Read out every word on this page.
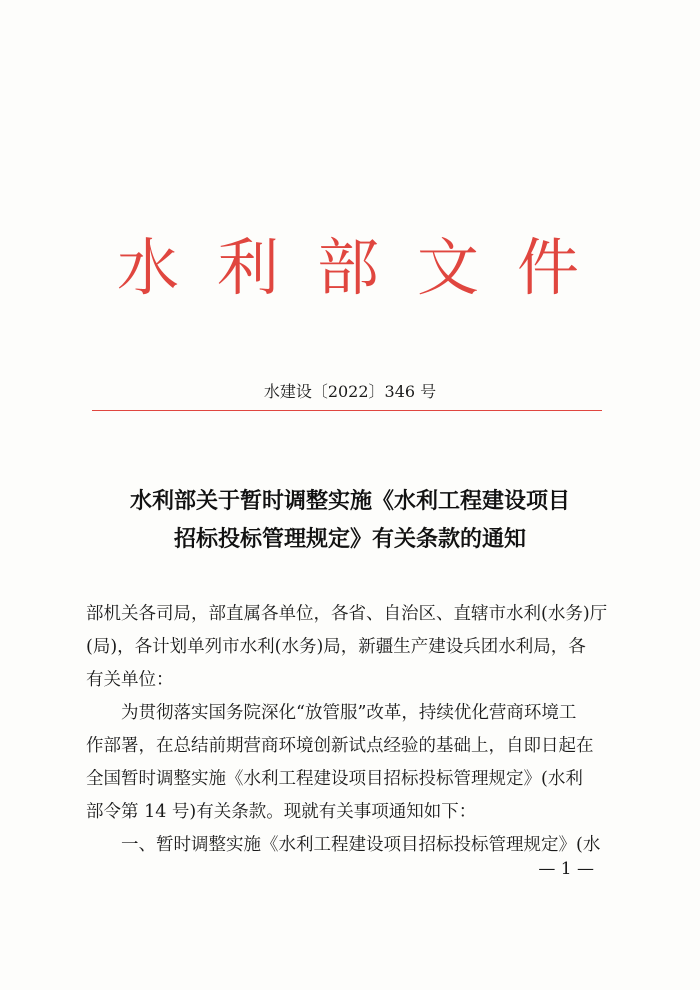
水 利 部 文 件
水建设〔2022〕346 号
水利部关于暂时调整实施《水利工程建设项目
招标投标管理规定》有关条款的通知
部机关各司局，部直属各单位，各省、自治区、直辖市水利(水务)厅
(局)，各计划单列市水利(水务)局，新疆生产建设兵团水利局，各
有关单位：
为贯彻落实国务院深化“放管服”改革，持续优化营商环境工
作部署，在总结前期营商环境创新试点经验的基础上，自即日起在
全国暂时调整实施《水利工程建设项目招标投标管理规定》(水利
部令第 14 号)有关条款。现就有关事项通知如下：
一、暂时调整实施《水利工程建设项目招标投标管理规定》(水
— 1 —
